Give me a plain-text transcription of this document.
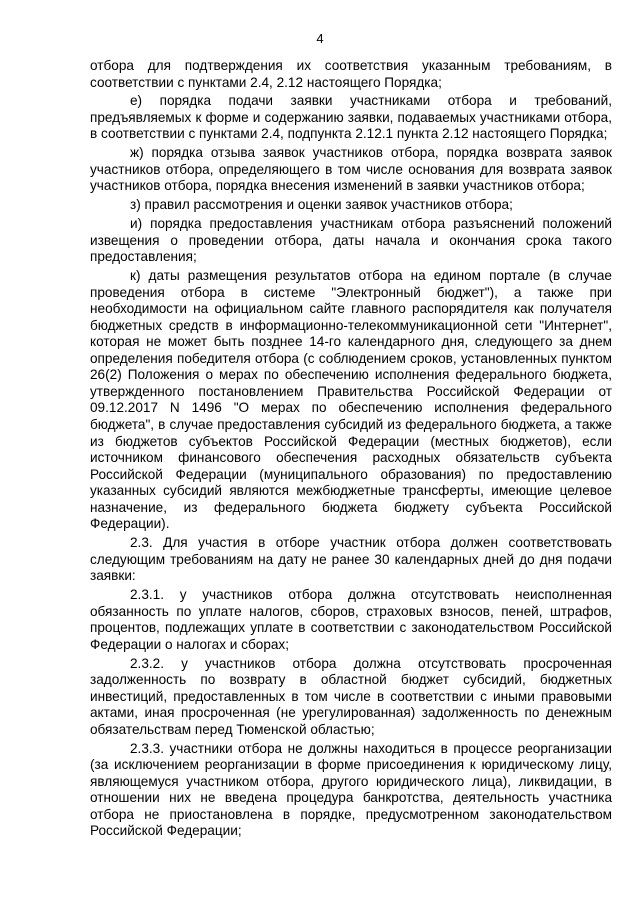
4

отбора для подтверждения их соответствия указанным требованиям, в соответствии с пунктами 2.4, 2.12 настоящего Порядка;

е) порядка подачи заявки участниками отбора и требований, предъявляемых к форме и содержанию заявки, подаваемых участниками отбора, в соответствии с пунктами 2.4, подпункта 2.12.1 пункта 2.12 настоящего Порядка;

ж) порядка отзыва заявок участников отбора, порядка возврата заявок участников отбора, определяющего в том числе основания для возврата заявок участников отбора, порядка внесения изменений в заявки участников отбора;

з) правил рассмотрения и оценки заявок участников отбора;

и) порядка предоставления участникам отбора разъяснений положений извещения о проведении отбора, даты начала и окончания срока такого предоставления;

к) даты размещения результатов отбора на едином портале (в случае проведения отбора в системе "Электронный бюджет"), а также при необходимости на официальном сайте главного распорядителя как получателя бюджетных средств в информационно-телекоммуникационной сети "Интернет", которая не может быть позднее 14-го календарного дня, следующего за днем определения победителя отбора (с соблюдением сроков, установленных пунктом 26(2) Положения о мерах по обеспечению исполнения федерального бюджета, утвержденного постановлением Правительства Российской Федерации от 09.12.2017 N 1496 "О мерах по обеспечению исполнения федерального бюджета", в случае предоставления субсидий из федерального бюджета, а также из бюджетов субъектов Российской Федерации (местных бюджетов), если источником финансового обеспечения расходных обязательств субъекта Российской Федерации (муниципального образования) по предоставлению указанных субсидий являются межбюджетные трансферты, имеющие целевое назначение, из федерального бюджета бюджету субъекта Российской Федерации).

2.3. Для участия в отборе участник отбора должен соответствовать следующим требованиям на дату не ранее 30 календарных дней до дня подачи заявки:

2.3.1. у участников отбора должна отсутствовать неисполненная обязанность по уплате налогов, сборов, страховых взносов, пеней, штрафов, процентов, подлежащих уплате в соответствии с законодательством Российской Федерации о налогах и сборах;

2.3.2. у участников отбора должна отсутствовать просроченная задолженность по возврату в областной бюджет субсидий, бюджетных инвестиций, предоставленных в том числе в соответствии с иными правовыми актами, иная просроченная (не урегулированная) задолженность по денежным обязательствам перед Тюменской областью;

2.3.3. участники отбора не должны находиться в процессе реорганизации (за исключением реорганизации в форме присоединения к юридическому лицу, являющемуся участником отбора, другого юридического лица), ликвидации, в отношении них не введена процедура банкротства, деятельность участника отбора не приостановлена в порядке, предусмотренном законодательством Российской Федерации;
